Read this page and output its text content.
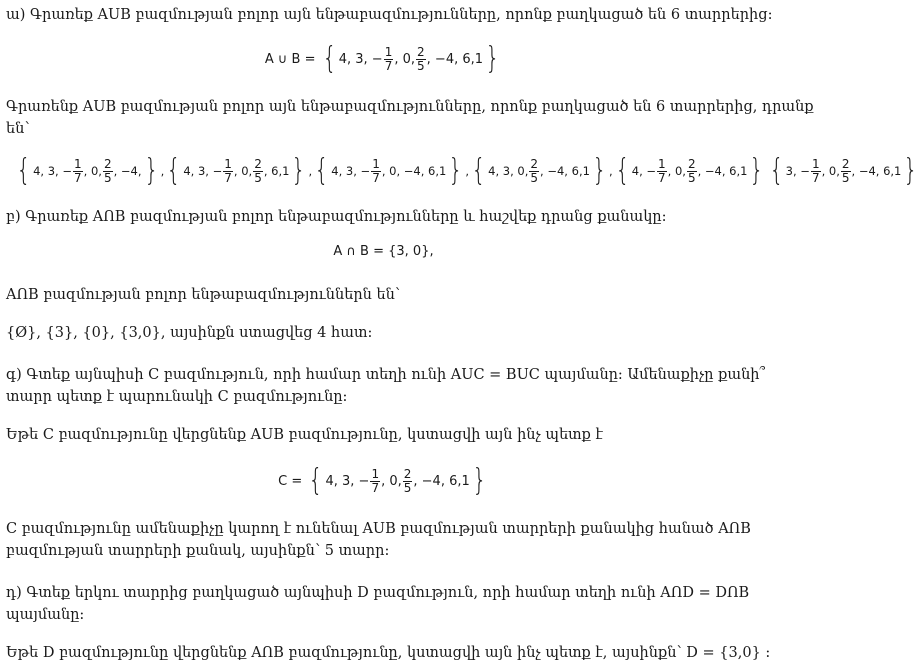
ա) Գրառեք AUB բազմության բոլոր այն ենթաբազմությունները, որոնք բաղկացած են 6 տարրերից:
A ∪ B =
{ 4, 3, − $\frac{1}{7}$ , 0, $\frac{2}{5}$ , −4, 6,1 }
Գրառենք AUB բազմության բոլոր այն ենթաբազմությունները, որոնք բաղկացած են 6 տարրերից, դրանք
են՝
{ 4, 3, − $\frac{1}{7}$ , 0, $\frac{2}{5}$ , −4, } , { 4, 3, − $\frac{1}{7}$ , 0, $\frac{2}{5}$ , 6,1 } , { 4, 3, − $\frac{1}{7}$ , 0, −4, 6,1 } , { 4, 3, 0, $\frac{2}{5}$ , −4, 6,1 } , { 4, − $\frac{1}{7}$ , 0, $\frac{2}{5}$ , −4, 6,1 } { 3, − $\frac{1}{7}$ , 0, $\frac{2}{5}$ , −4, 6,1 }
բ) Գրառեք AՈB բազմության բոլոր ենթաբազմությունները և հաշվեք դրանց քանակը:
A ∩ B = {3, 0},
AՈB բազմության բոլոր ենթաբազմություններն են՝
{Ø}, {3}, {0}, {3,0}, այսինքն ստացվեց 4 հատ:
գ) Գտեք այնպիսի C բազմություն, որի համար տեղի ունի AUC = BUC պայմանը: Ամենաքիչը քանի՞
տարր պետք է պարունակի C բազմությունը:
Եթե C բազմությունը վերցնենք AUB բազմությունը, կստացվի այն ինչ պետք է
C =
{ 4, 3, − $\frac{1}{7}$ , 0, $\frac{2}{5}$ , −4, 6,1 }
C բազմությունը ամենաքիչը կարող է ունենալ AUB բազմության տարրերի քանակից հանած AՈB
բազմության տարրերի քանակ, այսինքն՝ 5 տարր:
դ) Գտեք երկու տարրից բաղկացած այնպիսի D բազմություն, որի համար տեղի ունի AՈD = DՈB
պայմանը:
Եթե D բազմությունը վերցնենք AՈB բազմությունը, կստացվի այն ինչ պետք է, այսինքն՝ D = {3,0} :
